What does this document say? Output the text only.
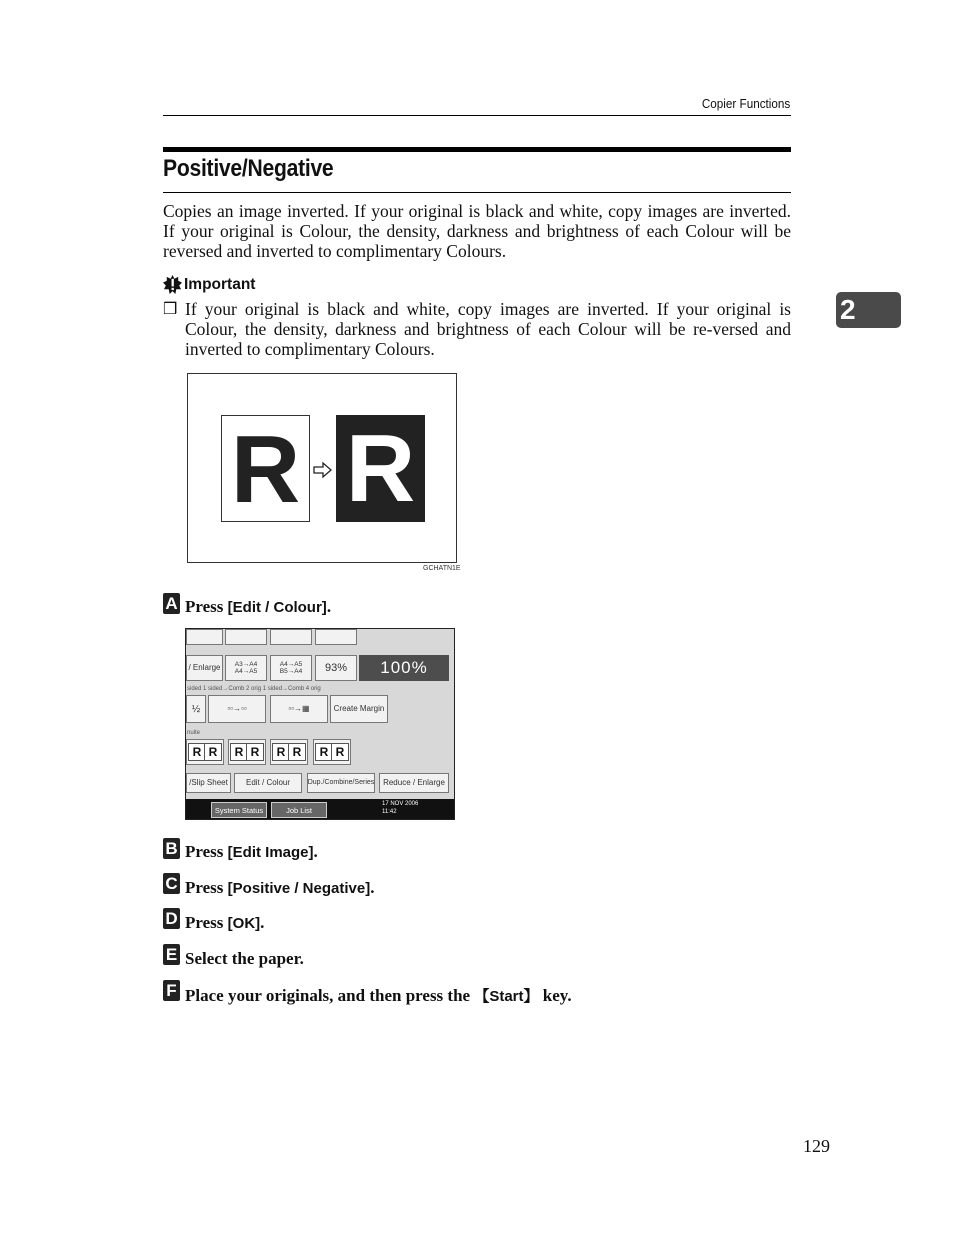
Copier Functions
Positive/Negative
Copies an image inverted. If your original is black and white, copy images are inverted. If your original is Colour, the density, darkness and brightness of each Colour will be reversed and inverted to complimentary Colours.
Important
❒ If your original is black and white, copy images are inverted. If your original is Colour, the density, darkness and brightness of each Colour will be re-versed and inverted to complimentary Colours.
2
R R
GCHATN1E
A Press [Edit / Colour].
/ Enlarge	A3→A4
A4→A5
A4→A5
B5→A4	93%	100%
sided 1 sided→Comb 2 orig 1 sided→Comb 4 orig
½	▫▫→▫▫	▫▫→▦	Create Margin
nuite
R R	R R	R R	R R
/Slip Sheet	Edit / Colour	Dup./Combine/Series	Reduce / Enlarge
System Status	Job List
17 NOV 2006
11:42
B Press [Edit Image].
C Press [Positive / Negative].
D Press [OK].
E Select the paper.
F Place your originals, and then press the 【Start】 key.
129
